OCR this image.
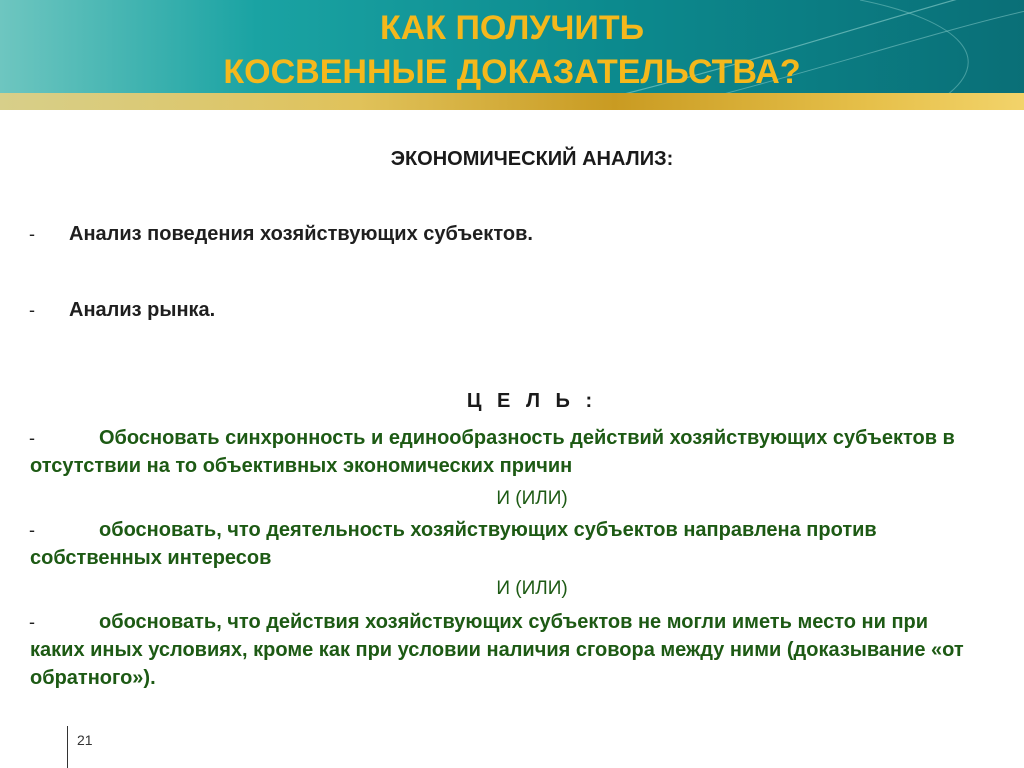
КАК ПОЛУЧИТЬ
КОСВЕННЫЕ ДОКАЗАТЕЛЬСТВА?
ЭКОНОМИЧЕСКИЙ АНАЛИЗ:
-	Анализ поведения хозяйствующих субъектов.
-	Анализ рынка.
Ц Е Л Ь :
-	Обосновать синхронность и единообразность действий хозяйствующих субъектов в отсутствии на то объективных экономических причин
И (ИЛИ)
-	обосновать, что деятельность хозяйствующих субъектов направлена против собственных интересов
И (ИЛИ)
-	обосновать, что действия хозяйствующих субъектов не могли иметь место ни при каких иных условиях, кроме как при условии наличия сговора между ними (доказывание «от обратного»).
21
